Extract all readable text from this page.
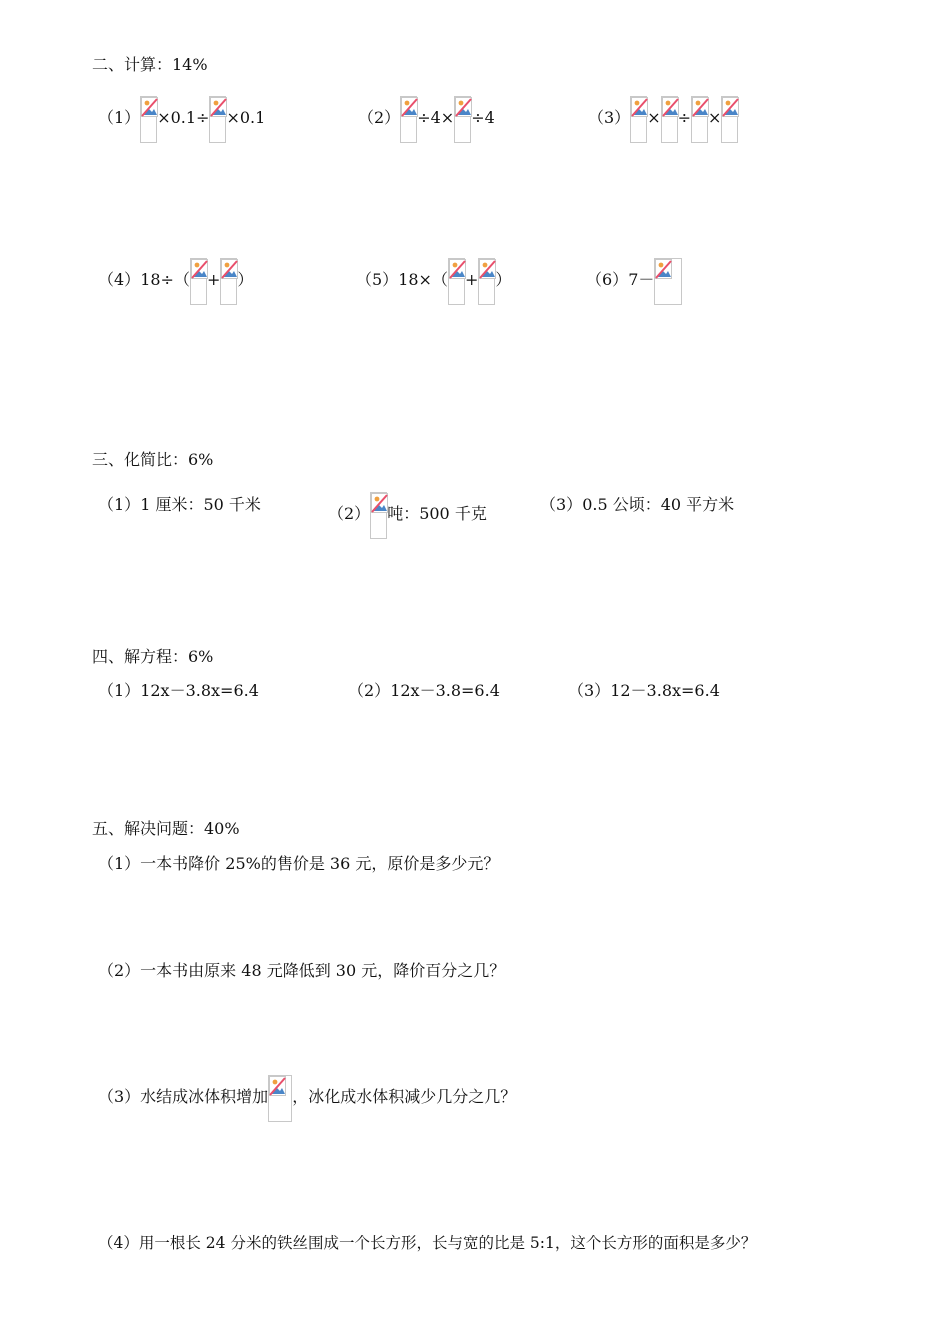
二、计算：14%
（1） ×0.1÷ ×0.1	（2） ÷4× ÷4	（3） × ÷ ×
（4）18÷（ + ）	（5）18×（ + ）	（6）7－
三、化简比：6%
（1）1 厘米：50 千米	（2） 吨：500 千克	（3）0.5 公顷：40 平方米
四、解方程：6%
（1）12x－3.8x=6.4	（2）12x－3.8=6.4	（3）12－3.8x=6.4
五、解决问题：40%
（1）一本书降价 25%的售价是 36 元，原价是多少元？
（2）一本书由原来 48 元降低到 30 元，降价百分之几？
（3）水结成冰体积增加 ，冰化成水体积减少几分之几？
（4）用一根长 24 分米的铁丝围成一个长方形，长与宽的比是 5:1，这个长方形的面积是多少？
